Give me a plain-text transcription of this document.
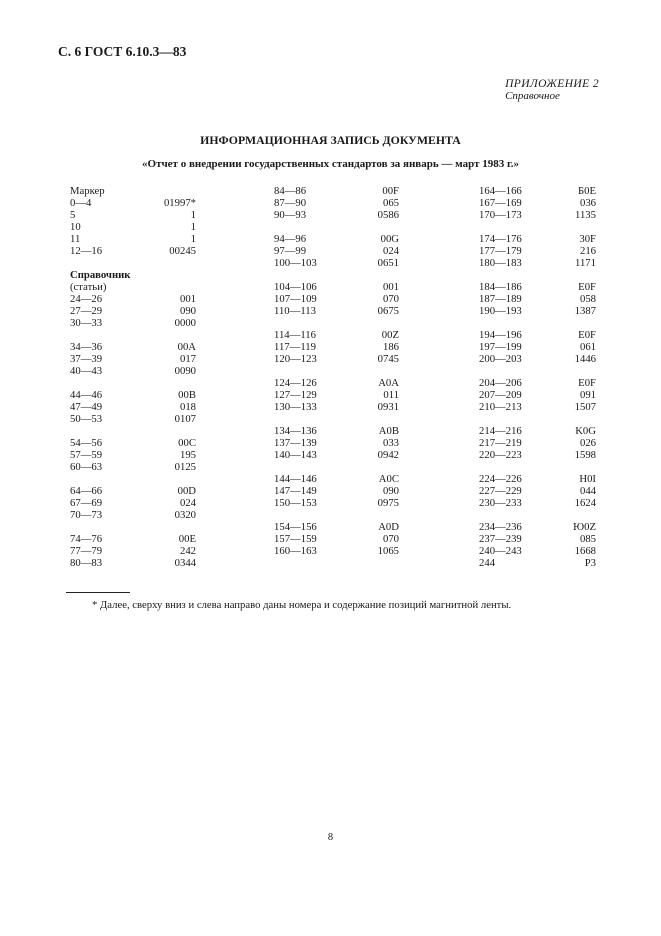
С. 6 ГОСТ 6.10.3—83
ПРИЛОЖЕНИЕ 2
Справочное
ИНФОРМАЦИОННАЯ ЗАПИСЬ ДОКУМЕНТА
«Отчет о внедрении государственных стандартов за январь — март 1983 г.»
Маркер
0—4	01997*
5	1
10	1
11	1
12—16	00245
Справочник
(статьи)
24—26	001
27—29	090
30—33	0000
34—36	00A
37—39	017
40—43	0090
44—46	00B
47—49	018
50—53	0107
54—56	00C
57—59	195
60—63	0125
64—66	00D
67—69	024
70—73	0320
74—76	00E
77—79	242
80—83	0344
84—86	00F
87—90	065
90—93	0586
94—96	00G
97—99	024
100—103	0651
104—106	001
107—109	070
110—113	0675
114—116	00Z
117—119	186
120—123	0745
124—126	A0A
127—129	011
130—133	0931
134—136	A0B
137—139	033
140—143	0942
144—146	A0C
147—149	090
150—153	0975
154—156	A0D
157—159	070
160—163	1065
164—166	Б0Е
167—169	036
170—173	1135
174—176	30F
177—179	216
180—183	1171
184—186	E0F
187—189	058
190—193	1387
194—196	E0F
197—199	061
200—203	1446
204—206	E0F
207—209	091
210—213	1507
214—216	K0G
217—219	026
220—223	1598
224—226	H0I
227—229	044
230—233	1624
234—236	Ю0Z
237—239	085
240—243	1668
244	P3
* Далее, сверху вниз и слева направо даны номера и содержание позиций магнитной ленты.
8
